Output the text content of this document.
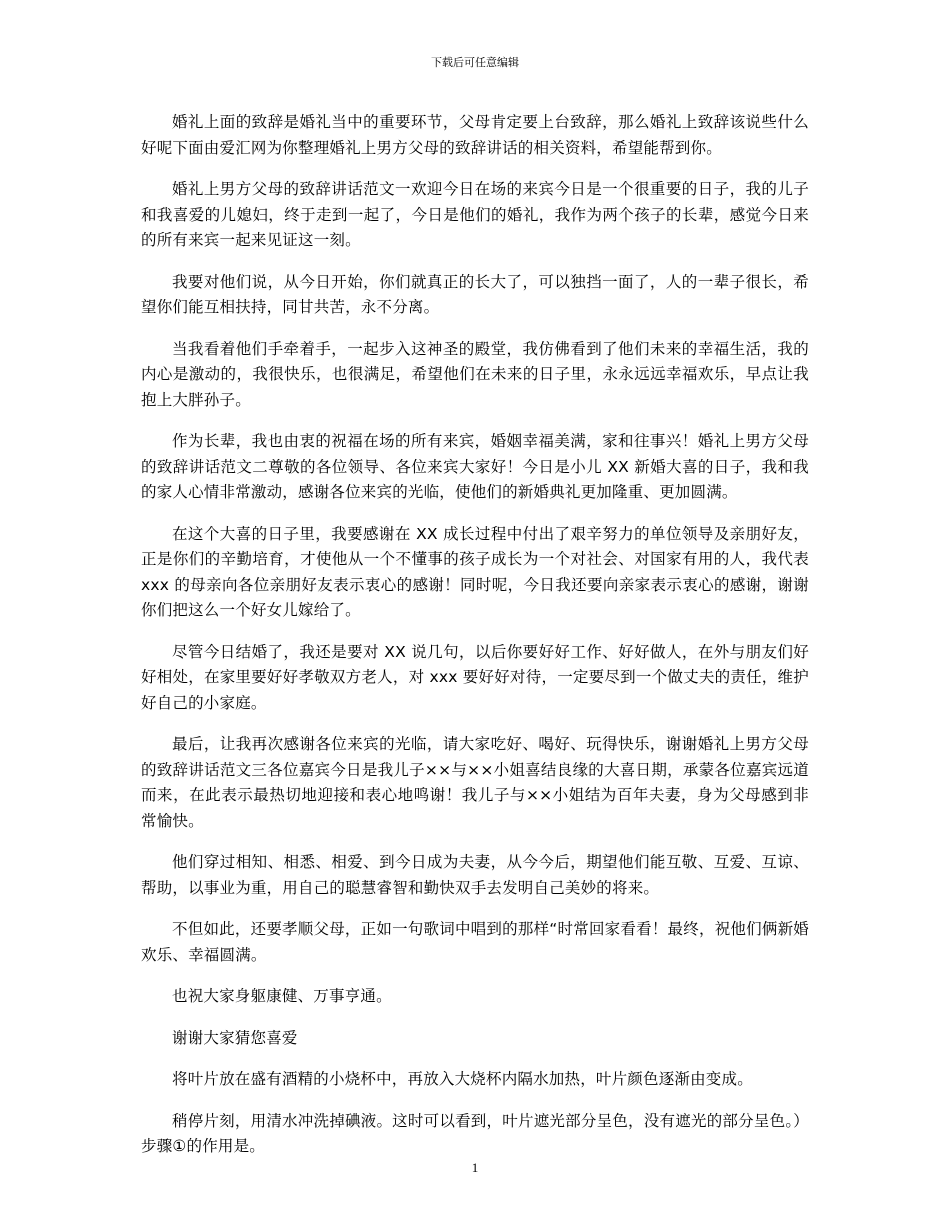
下载后可任意编辑

婚礼上面的致辞是婚礼当中的重要环节，父母肯定要上台致辞，那么婚礼上致辞该说些什么好呢下面由爱汇网为你整理婚礼上男方父母的致辞讲话的相关资料，希望能帮到你。

婚礼上男方父母的致辞讲话范文一欢迎今日在场的来宾今日是一个很重要的日子，我的儿子和我喜爱的儿媳妇，终于走到一起了，今日是他们的婚礼，我作为两个孩子的长辈，感觉今日来的所有来宾一起来见证这一刻。

我要对他们说，从今日开始，你们就真正的长大了，可以独挡一面了，人的一辈子很长，希望你们能互相扶持，同甘共苦，永不分离。

当我看着他们手牵着手，一起步入这神圣的殿堂，我仿佛看到了他们未来的幸福生活，我的内心是激动的，我很快乐，也很满足，希望他们在未来的日子里，永永远远幸福欢乐，早点让我抱上大胖孙子。

作为长辈，我也由衷的祝福在场的所有来宾，婚姻幸福美满，家和往事兴！婚礼上男方父母的致辞讲话范文二尊敬的各位领导、各位来宾大家好！今日是小儿 XX 新婚大喜的日子，我和我的家人心情非常激动，感谢各位来宾的光临，使他们的新婚典礼更加隆重、更加圆满。

在这个大喜的日子里，我要感谢在 XX 成长过程中付出了艰辛努力的单位领导及亲朋好友，正是你们的辛勤培育，才使他从一个不懂事的孩子成长为一个对社会、对国家有用的人，我代表 xxx 的母亲向各位亲朋好友表示衷心的感谢！同时呢，今日我还要向亲家表示衷心的感谢，谢谢你们把这么一个好女儿嫁给了。

尽管今日结婚了，我还是要对 XX 说几句，以后你要好好工作、好好做人，在外与朋友们好好相处，在家里要好好孝敬双方老人，对 xxx 要好好对待，一定要尽到一个做丈夫的责任，维护好自己的小家庭。

最后，让我再次感谢各位来宾的光临，请大家吃好、喝好、玩得快乐，谢谢婚礼上男方父母的致辞讲话范文三各位嘉宾今日是我儿子××与××小姐喜结良缘的大喜日期，承蒙各位嘉宾远道而来，在此表示最热切地迎接和表心地鸣谢！我儿子与××小姐结为百年夫妻，身为父母感到非常愉快。

他们穿过相知、相悉、相爱、到今日成为夫妻，从今今后，期望他们能互敬、互爱、互谅、帮助，以事业为重，用自己的聪慧睿智和勤快双手去发明自己美妙的将来。

不但如此，还要孝顺父母，正如一句歌词中唱到的那样“时常回家看看！最终，祝他们俩新婚欢乐、幸福圆满。

也祝大家身躯康健、万事亨通。

谢谢大家猜您喜爱

将叶片放在盛有酒精的小烧杯中，再放入大烧杯内隔水加热，叶片颜色逐渐由变成。

稍停片刻，用清水冲洗掉碘液。这时可以看到，叶片遮光部分呈色，没有遮光的部分呈色。）步骤①的作用是。

1
